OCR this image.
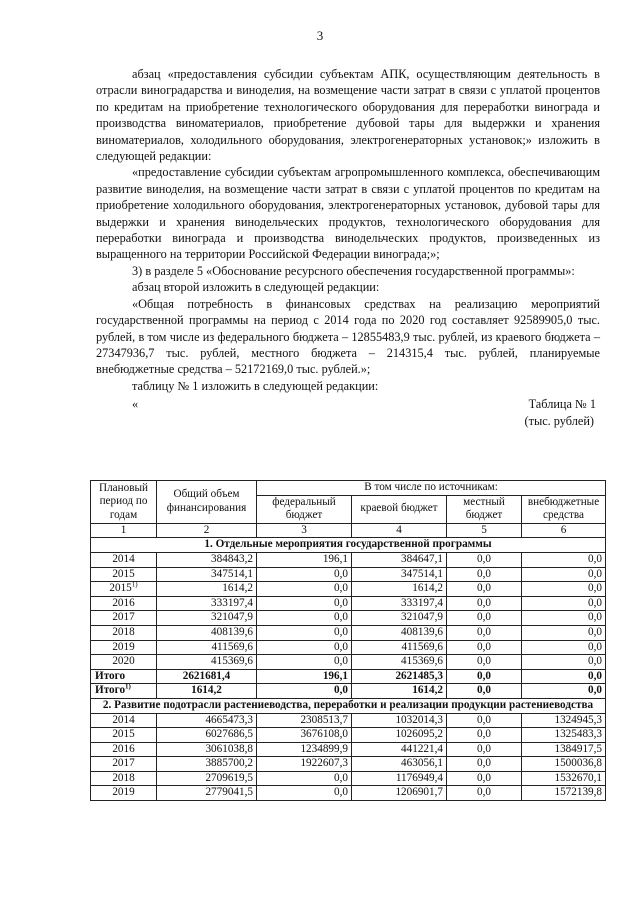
3

абзац «предоставления субсидии субъектам АПК, осуществляющим деятельность в отрасли виноградарства и виноделия, на возмещение части затрат в связи с уплатой процентов по кредитам на приобретение технологического оборудования для переработки винограда и производства виноматериалов, приобретение дубовой тары для выдержки и хранения виноматериалов, холодильного оборудования, электрогенераторных установок;» изложить в следующей редакции:

«предоставление субсидии субъектам агропромышленного комплекса, обеспечивающим развитие виноделия, на возмещение части затрат в связи с уплатой процентов по кредитам на приобретение холодильного оборудования, электрогенераторных установок, дубовой тары для выдержки и хранения винодельческих продуктов, технологического оборудования для переработки винограда и производства винодельческих продуктов, произведенных из выращенного на территории Российской Федерации винограда;»;

3) в разделе 5 «Обоснование ресурсного обеспечения государственной программы»:

абзац второй изложить в следующей редакции:

«Общая потребность в финансовых средствах на реализацию мероприятий государственной программы на период с 2014 года по 2020 год составляет 92589905,0 тыс. рублей, в том числе из федерального бюджета – 12855483,9 тыс. рублей, из краевого бюджета – 27347936,7 тыс. рублей, местного бюджета – 214315,4 тыс. рублей, планируемые внебюджетные средства – 52172169,0 тыс. рублей.»;

таблицу № 1 изложить в следующей редакции:

«	Таблица № 1
(тыс. рублей)
Плановый период по годам	Общий объем финансирования	В том числе по источникам:			
		федеральный бюджет	краевой бюджет	местный бюджет	внебюджетные средства
1	2	3	4	5	6
1. Отдельные мероприятия государственной программы					
2014	384843,2	196,1	384647,1	0,0	0,0
2015	347514,1	0,0	347514,1	0,0	0,0
2015$^{1)}$	1614,2	0,0	1614,2	0,0	0,0
2016	333197,4	0,0	333197,4	0,0	0,0
2017	321047,9	0,0	321047,9	0,0	0,0
2018	408139,6	0,0	408139,6	0,0	0,0
2019	411569,6	0,0	411569,6	0,0	0,0
2020	415369,6	0,0	415369,6	0,0	0,0
Итого	2621681,4	196,1	2621485,3	0,0	0,0
Итого$^{1)}$	1614,2	0,0	1614,2	0,0	0,0
2. Развитие подотрасли растениеводства, переработки и реализации продукции растениеводства					
2014	4665473,3	2308513,7	1032014,3	0,0	1324945,3
2015	6027686,5	3676108,0	1026095,2	0,0	1325483,3
2016	3061038,8	1234899,9	441221,4	0,0	1384917,5
2017	3885700,2	1922607,3	463056,1	0,0	1500036,8
2018	2709619,5	0,0	1176949,4	0,0	1532670,1
2019	2779041,5	0,0	1206901,7	0,0	1572139,8
